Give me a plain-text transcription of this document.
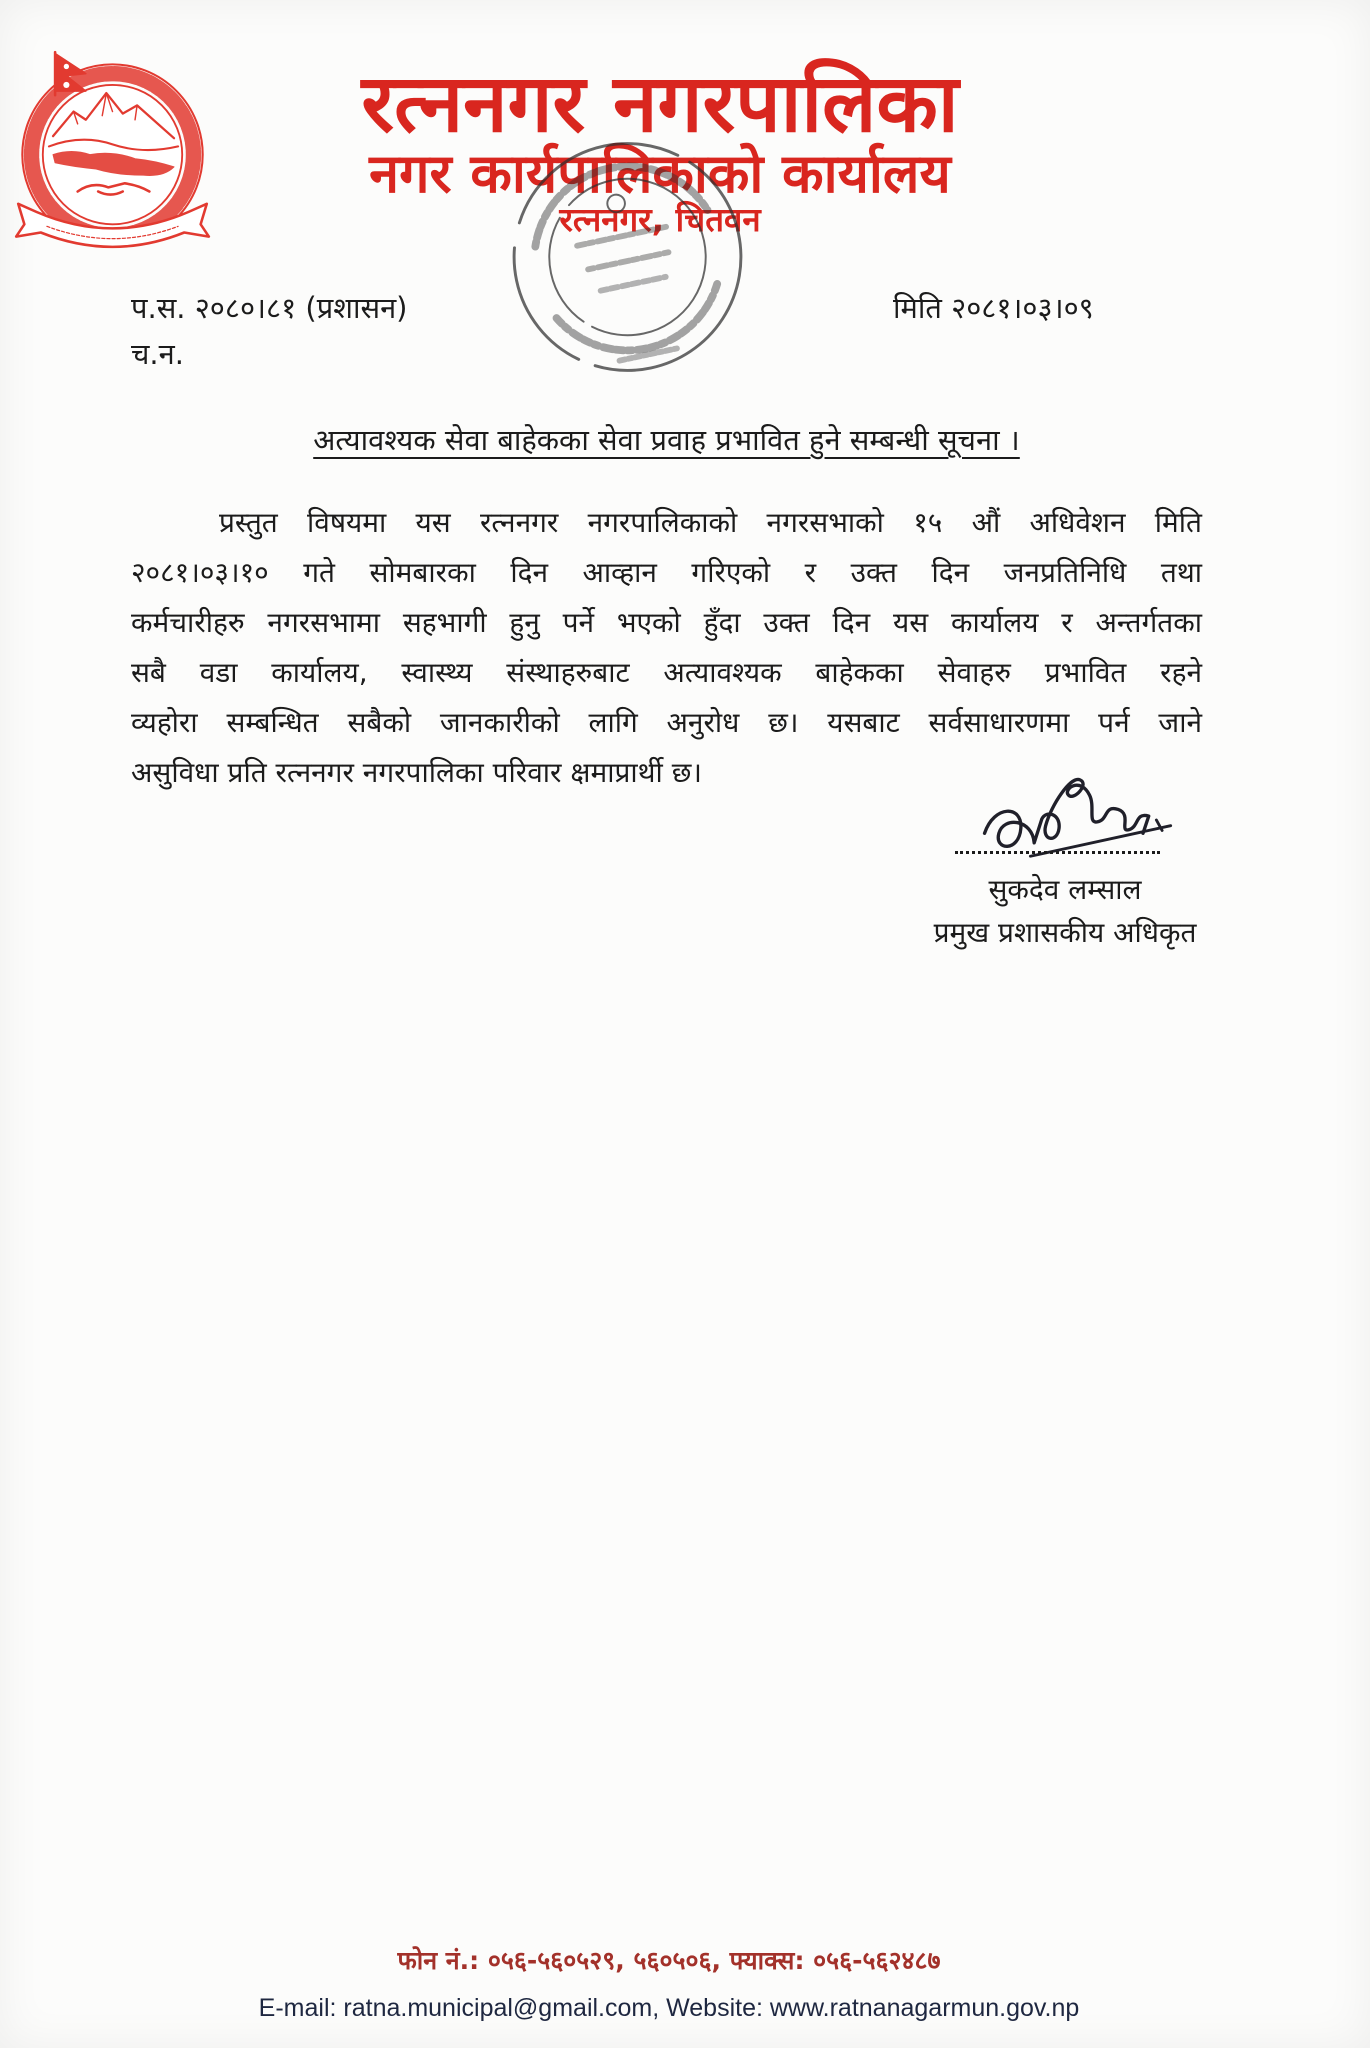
रत्ननगर नगरपालिका
नगर कार्यपालिकाको कार्यालय
रत्ननगर, चितवन
प.स. २०८०।८१ (प्रशासन)	मिति २०८१।०३।०९
च.न.
अत्यावश्यक सेवा बाहेकका सेवा प्रवाह प्रभावित हुने सम्बन्धी सूचना ।
प्रस्तुत विषयमा यस रत्ननगर नगरपालिकाको नगरसभाको १५ औं अधिवेशन मिति
२०८१।०३।१० गते सोमबारका दिन आव्हान गरिएको र उक्त दिन जनप्रतिनिधि तथा
कर्मचारीहरु नगरसभामा सहभागी हुनु पर्ने भएको हुँदा उक्त दिन यस कार्यालय र अन्तर्गतका
सबै वडा कार्यालय, स्वास्थ्य संस्थाहरुबाट अत्यावश्यक बाहेकका सेवाहरु प्रभावित रहने
व्यहोरा सम्बन्धित सबैको जानकारीको लागि अनुरोध छ। यसबाट सर्वसाधारणमा पर्न जाने
असुविधा प्रति रत्ननगर नगरपालिका परिवार क्षमाप्रार्थी छ।
सुकदेव लम्साल
प्रमुख प्रशासकीय अधिकृत
फोन नं.: ०५६-५६०५२९, ५६०५०६, फ्याक्स: ०५६-५६२४८७
E-mail: ratna.municipal@gmail.com, Website: www.ratnanagarmun.gov.np
